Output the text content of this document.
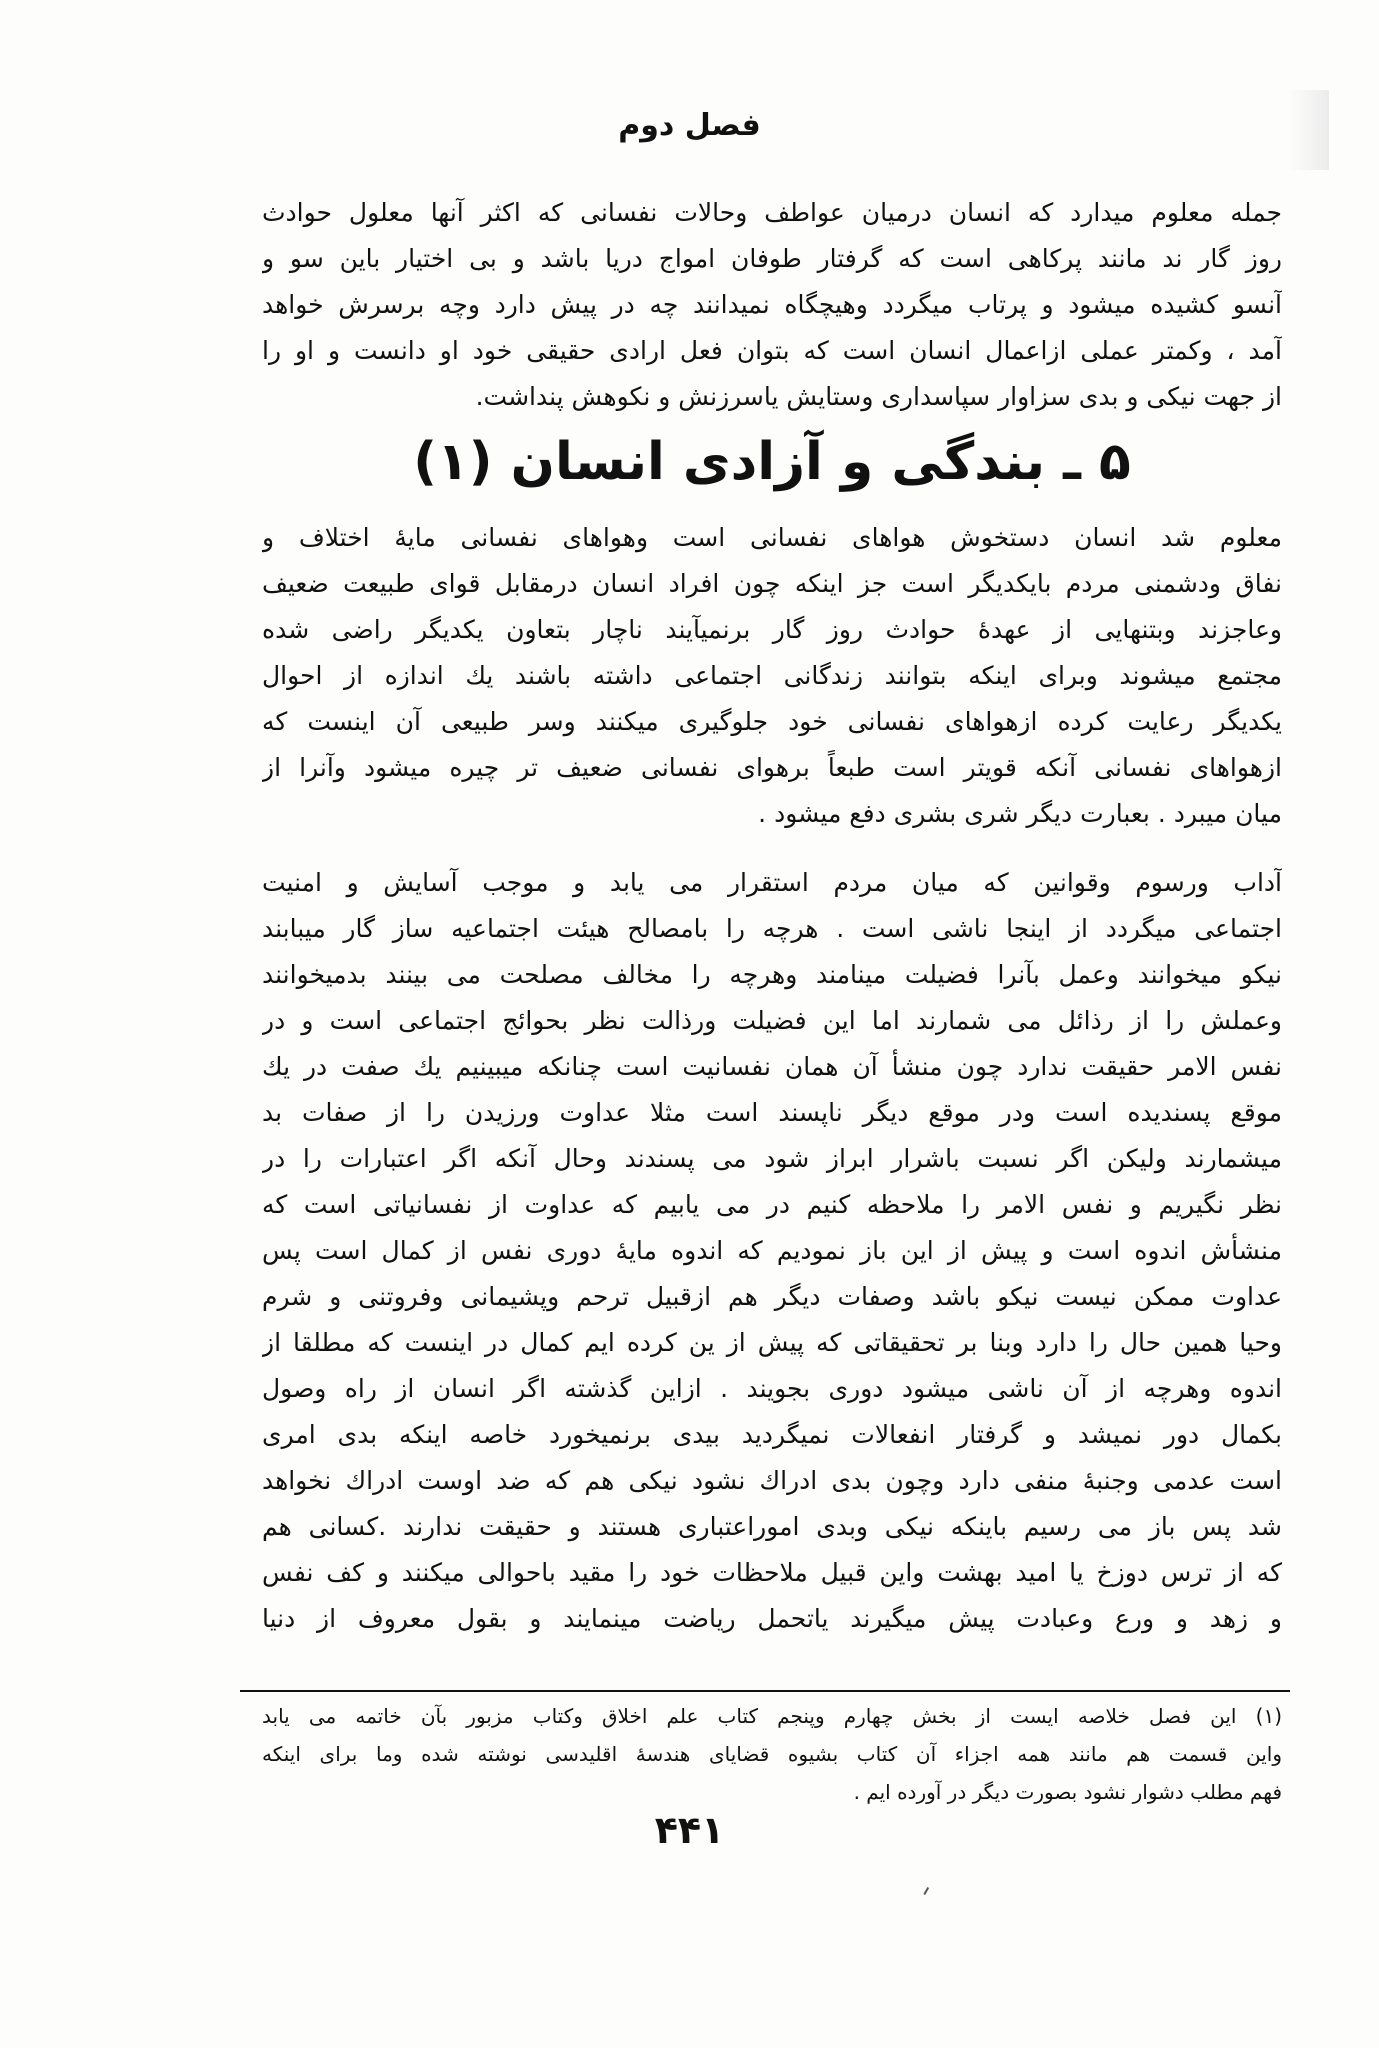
فصل دوم
جمله معلوم میدارد که انسان درمیان عواطف وحالات نفسانی که اکثر آنها معلول حوادث
روز گار ند مانند پرکاهی است که گرفتار طوفان امواج دریا باشد و بی اختیار باین سو و
آنسو کشیده میشود و پرتاب میگردد وهیچگاه نمیدانند چه در پیش دارد وچه برسرش خواهد
آمد ، وکمتر عملی ازاعمال انسان است که بتوان فعل ارادی حقیقی خود او دانست و او را
از جهت نیکی و بدی سزاوار سپاسداری وستایش یاسرزنش و نکوهش پنداشت.
۵ ـ بندگی و آزادی انسان (۱)
معلوم شد انسان دستخوش هواهای نفسانی است وهواهای نفسانی مایهٔ اختلاف و
نفاق ودشمنی مردم بایکدیگر است جز اینکه چون افراد انسان درمقابل قوای طبیعت ضعیف
وعاجزند وبتنهایی از عهدهٔ حوادث روز گار برنمیآیند ناچار بتعاون یکدیگر راضی شده
مجتمع میشوند وبرای اینکه بتوانند زندگانی اجتماعی داشته باشند یك اندازه از احوال
یکدیگر رعایت کرده ازهواهای نفسانی خود جلوگیری میکنند وسر طبیعی آن اینست که
ازهواهای نفسانی آنکه قویتر است طبعاً برهوای نفسانی ضعیف تر چیره میشود وآنرا از
میان میبرد . بعبارت دیگر شری بشری دفع میشود .
آداب ورسوم وقوانین که میان مردم استقرار می یابد و موجب آسایش و امنیت
اجتماعی میگردد از اینجا ناشی است . هرچه را بامصالح هیئت اجتماعیه ساز گار میبابند
نیکو میخوانند وعمل بآنرا فضیلت مینامند وهرچه را مخالف مصلحت می بینند بدمیخوانند
وعملش را از رذائل می شمارند اما این فضیلت ورذالت نظر بحوائج اجتماعی است و در
نفس الامر حقیقت ندارد چون منشأ آن همان نفسانیت است چنانکه میبینیم یك صفت در یك
موقع پسندیده است ودر موقع دیگر ناپسند است مثلا عداوت ورزیدن را از صفات بد
میشمارند ولیکن اگر نسبت باشرار ابراز شود می پسندند وحال آنکه اگر اعتبارات را در
نظر نگیریم و نفس الامر را ملاحظه کنیم در می یابیم که عداوت از نفسانیاتی است که
منشأش اندوه است و پیش از این باز نمودیم که اندوه مایهٔ دوری نفس از کمال است پس
عداوت ممکن نیست نیکو باشد وصفات دیگر هم ازقبیل ترحم وپشیمانی وفروتنی و شرم
وحیا همین حال را دارد وبنا بر تحقیقاتی که پیش از ین کرده ایم کمال در اینست که مطلقا از
اندوه وهرچه از آن ناشی میشود دوری بجویند . ازاین گذشته اگر انسان از راه وصول
بکمال دور نمیشد و گرفتار انفعالات نمیگردید بیدی برنمیخورد خاصه اینکه بدی امری
است عدمی وجنبهٔ منفی دارد وچون بدی ادراك نشود نیکی هم که ضد اوست ادراك نخواهد
شد پس باز می رسیم باینکه نیکی وبدی اموراعتباری هستند و حقیقت ندارند .کسانی هم
که از ترس دوزخ یا امید بهشت واین قبیل ملاحظات خود را مقید باحوالی میکنند و کف نفس
و زهد و ورع وعبادت پیش میگیرند یاتحمل ریاضت مینمایند و بقول معروف از دنیا
(۱) این فصل خلاصه ایست از بخش چهارم وپنجم کتاب علم اخلاق وکتاب مزبور بآن خاتمه می یابد
واین قسمت هم مانند همه اجزاء آن کتاب بشیوه قضایای هندسهٔ اقلیدسی نوشته شده وما برای اینکه
فهم مطلب دشوار نشود بصورت دیگر در آورده ایم .
۴۴۱
